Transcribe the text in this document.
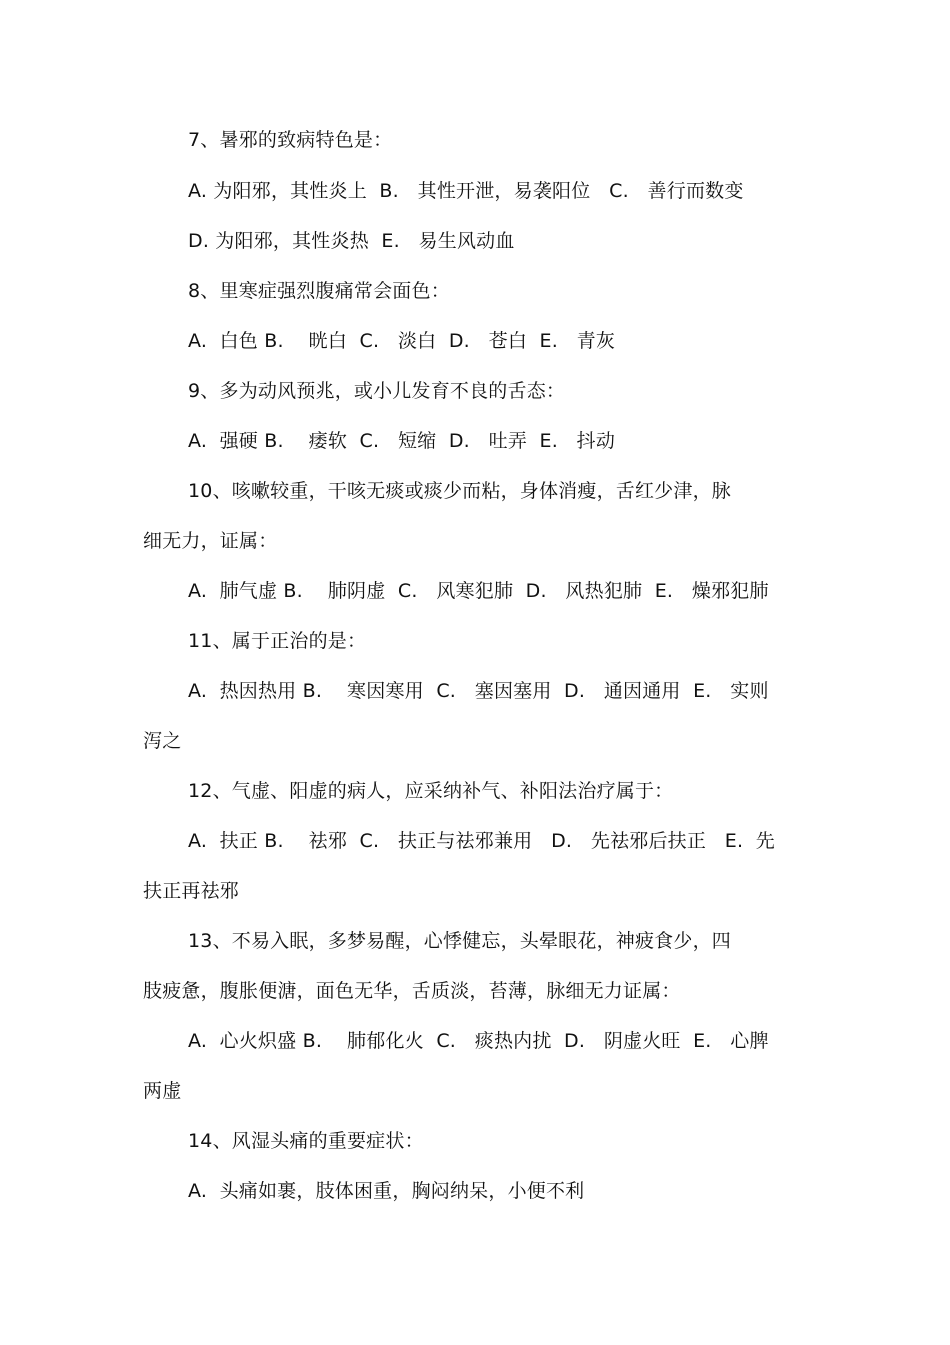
7、暑邪的致病特色是：
A. 为阳邪，其性炎上  B.   其性开泄，易袭阳位   C.   善行而数变
D. 为阳邪，其性炎热  E.   易生风动血
8、里寒症强烈腹痛常会面色：
A.  白色 B.    晄白  C.   淡白  D.   苍白  E.   青灰
9、多为动风预兆，或小儿发育不良的舌态：
A.  强硬 B.    痿软  C.   短缩  D.   吐弄  E.   抖动
10、咳嗽较重，干咳无痰或痰少而粘，身体消瘦，舌红少津，脉
细无力，证属：
A.  肺气虚 B.    肺阴虚  C.   风寒犯肺  D.   风热犯肺  E.   燥邪犯肺
11、属于正治的是：
A.  热因热用 B.    寒因寒用  C.   塞因塞用  D.   通因通用  E.   实则
泻之
12、气虚、阳虚的病人，应采纳补气、补阳法治疗属于：
A.  扶正 B.    祛邪  C.   扶正与祛邪兼用   D.   先祛邪后扶正   E.  先
扶正再祛邪
13、不易入眠，多梦易醒，心悸健忘，头晕眼花，神疲食少，四
肢疲惫，腹胀便溏，面色无华，舌质淡，苔薄，脉细无力证属：
A.  心火炽盛 B.    肺郁化火  C.   痰热内扰  D.   阴虚火旺  E.   心脾
两虚
14、风湿头痛的重要症状：
A.  头痛如裹，肢体困重，胸闷纳呆，小便不利
